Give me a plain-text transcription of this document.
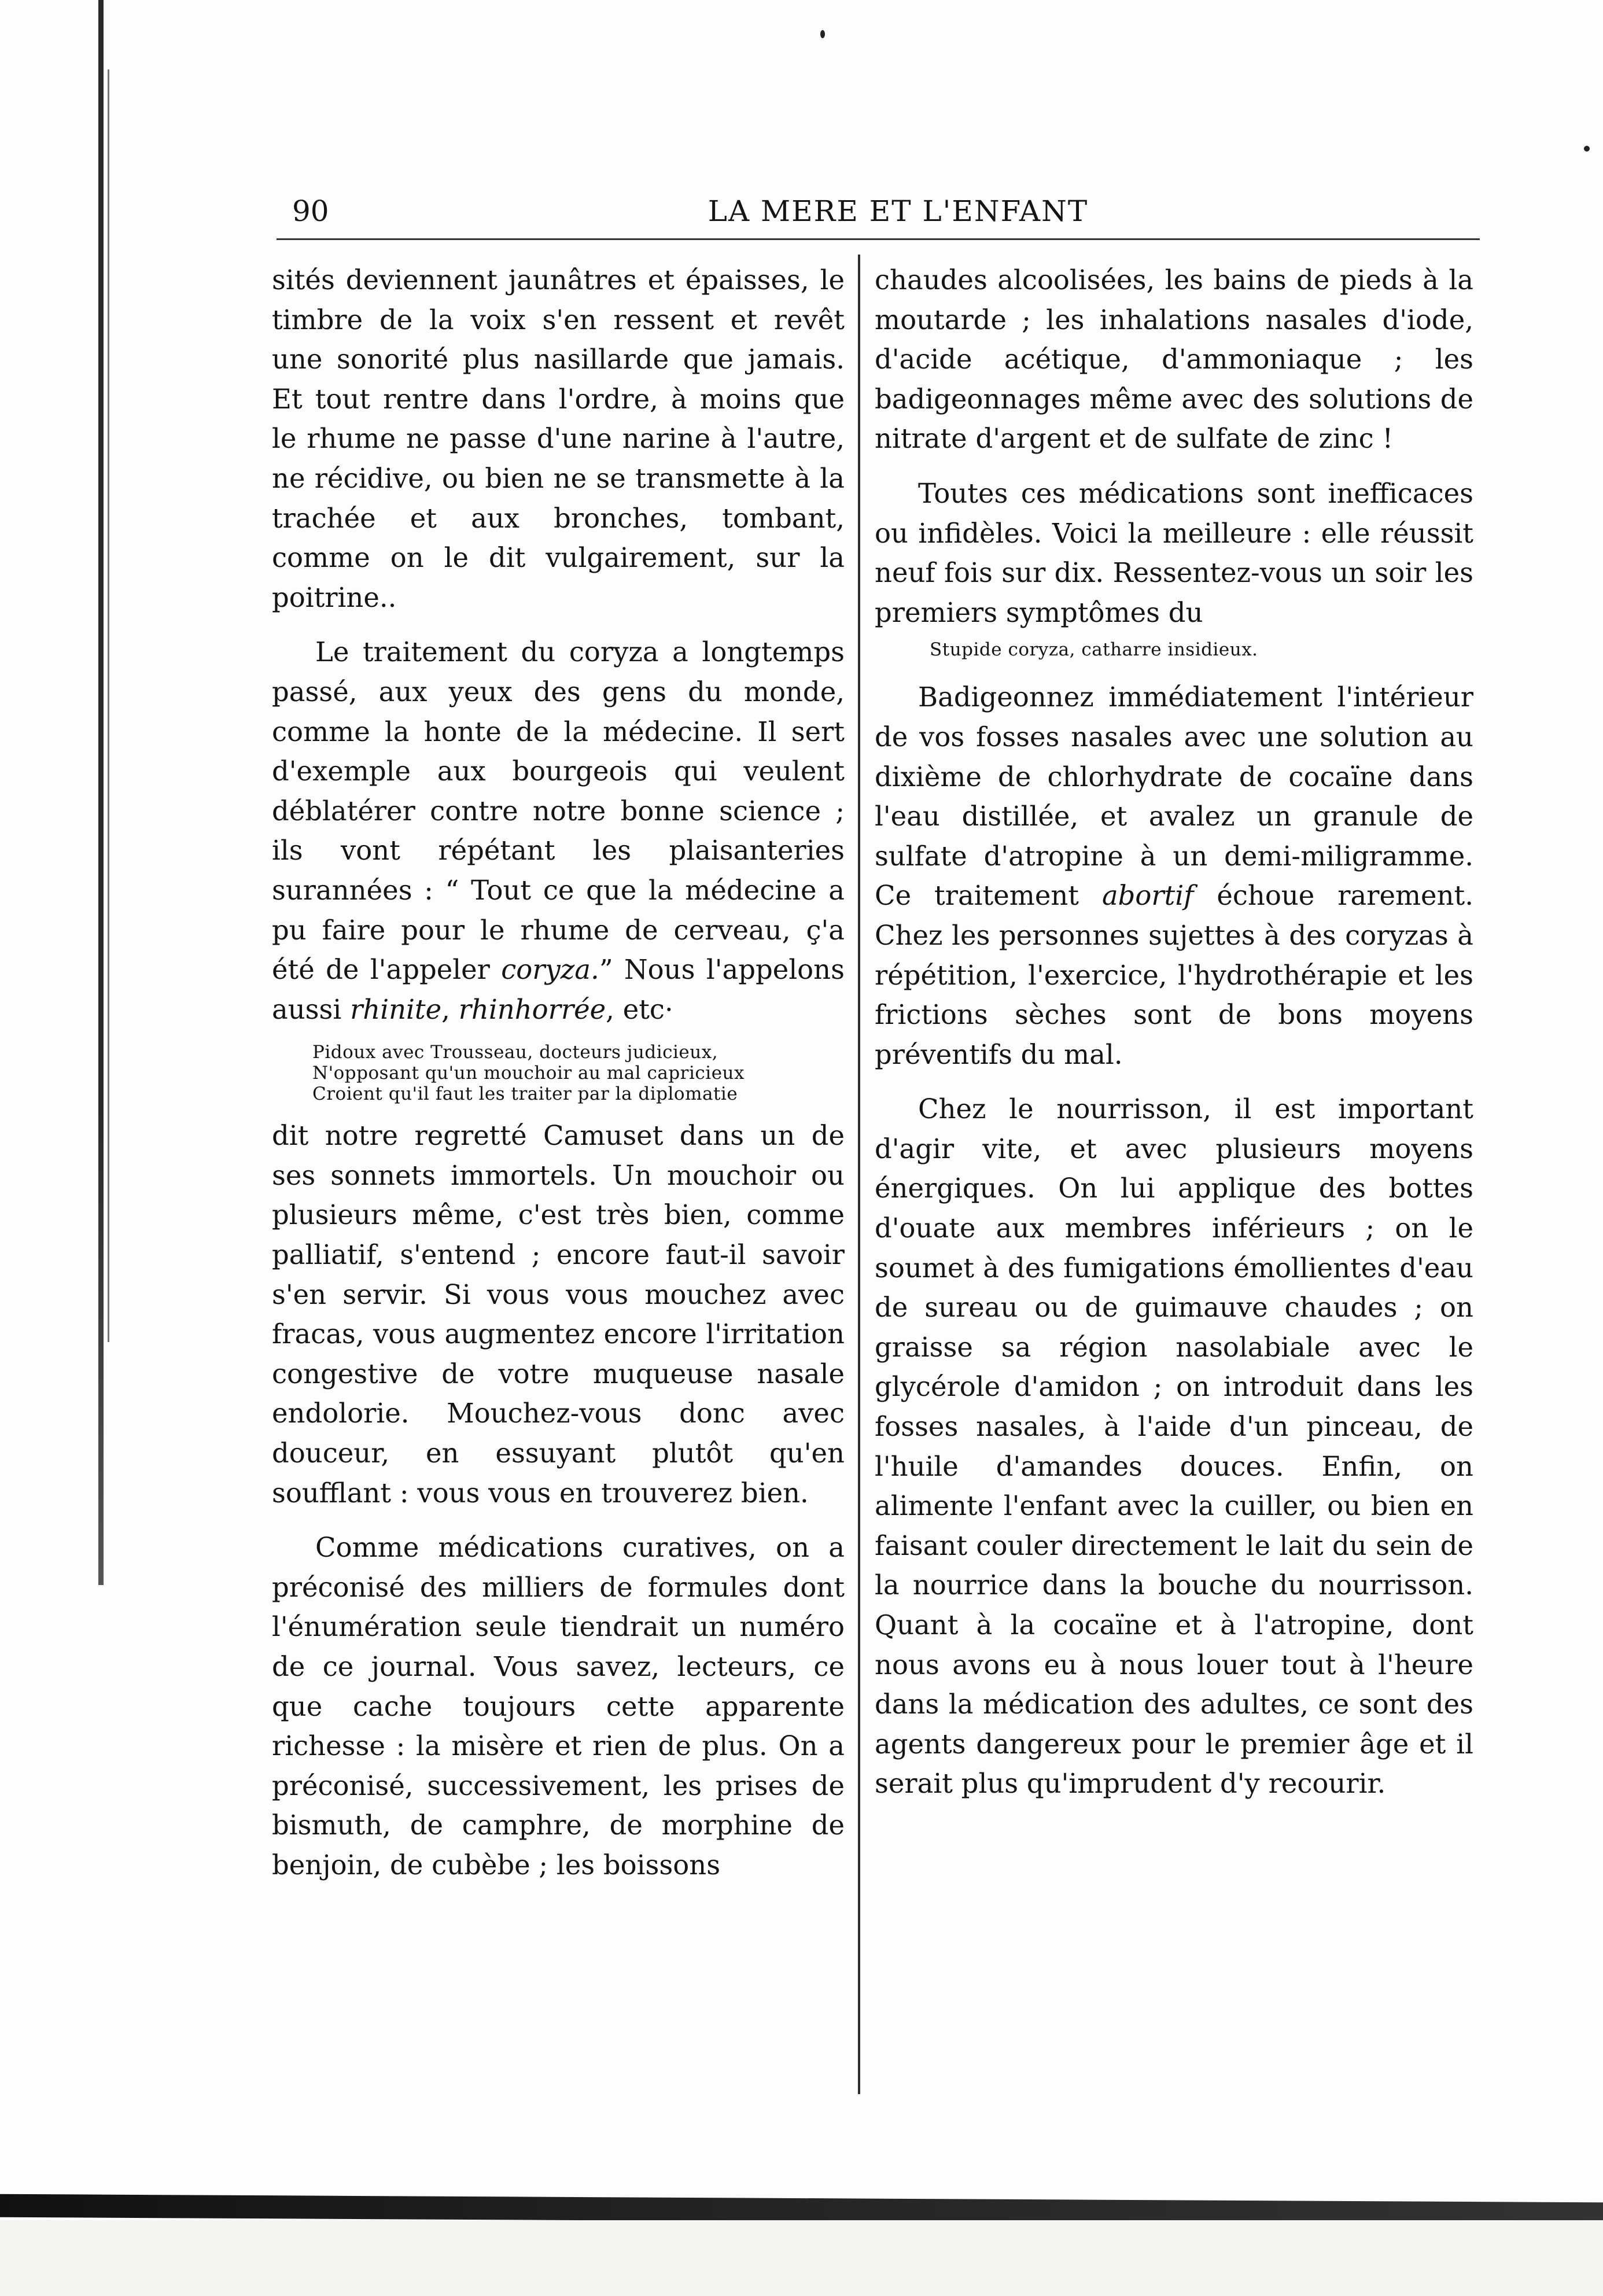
90	LA MERE ET L'ENFANT

sités deviennent jaunâtres et épaisses, le timbre de la voix s'en ressent et revêt une sonorité plus nasillarde que jamais. Et tout rentre dans l'ordre, à moins que le rhume ne passe d'une narine à l'autre, ne récidive, ou bien ne se transmette à la trachée et aux bronches, tombant, comme on le dit vulgairement, sur la poitrine..

Le traitement du coryza a longtemps passé, aux yeux des gens du monde, comme la honte de la médecine. Il sert d'exemple aux bourgeois qui veulent déblatérer contre notre bonne science ; ils vont répétant les plaisanteries surannées : “ Tout ce que la médecine a pu faire pour le rhume de cerveau, ç'a été de l'appeler coryza.” Nous l'appelons aussi rhinite, rhinhorrée, etc·

Pidoux avec Trousseau, docteurs judicieux,
N'opposant qu'un mouchoir au mal capricieux
Croient qu'il faut les traiter par la diplomatie

dit notre regretté Camuset dans un de ses sonnets immortels. Un mouchoir ou plusieurs même, c'est très bien, comme palliatif, s'entend ; encore faut-il savoir s'en servir. Si vous vous mouchez avec fracas, vous augmentez encore l'irritation congestive de votre muqueuse nasale endolorie. Mouchez-vous donc avec douceur, en essuyant plutôt qu'en soufflant : vous vous en trouverez bien.

Comme médications curatives, on a préconisé des milliers de formules dont l'énumération seule tiendrait un numéro de ce journal. Vous savez, lecteurs, ce que cache toujours cette apparente richesse : la misère et rien de plus. On a préconisé, successivement, les prises de bismuth, de camphre, de morphine de benjoin, de cubèbe ; les boissons

chaudes alcoolisées, les bains de pieds à la moutarde ; les inhalations nasales d'iode, d'acide acétique, d'ammoniaque ; les badigeonnages même avec des solutions de nitrate d'argent et de sulfate de zinc !

Toutes ces médications sont inefficaces ou infidèles. Voici la meilleure : elle réussit neuf fois sur dix. Ressentez-vous un soir les premiers symptômes du

Stupide coryza, catharre insidieux.

Badigeonnez immédiatement l'intérieur de vos fosses nasales avec une solution au dixième de chlorhydrate de cocaïne dans l'eau distillée, et avalez un granule de sulfate d'atropine à un demi-miligramme. Ce traitement abortif échoue rarement. Chez les personnes sujettes à des coryzas à répétition, l'exercice, l'hydrothérapie et les frictions sèches sont de bons moyens préventifs du mal.

Chez le nourrisson, il est important d'agir vite, et avec plusieurs moyens énergiques. On lui applique des bottes d'ouate aux membres inférieurs ; on le soumet à des fumigations émollientes d'eau de sureau ou de guimauve chaudes ; on graisse sa région nasolabiale avec le glycérole d'amidon ; on introduit dans les fosses nasales, à l'aide d'un pinceau, de l'huile d'amandes douces. Enfin, on alimente l'enfant avec la cuiller, ou bien en faisant couler directement le lait du sein de la nourrice dans la bouche du nourrisson. Quant à la cocaïne et à l'atropine, dont nous avons eu à nous louer tout à l'heure dans la médication des adultes, ce sont des agents dangereux pour le premier âge et il serait plus qu'imprudent d'y recourir.
